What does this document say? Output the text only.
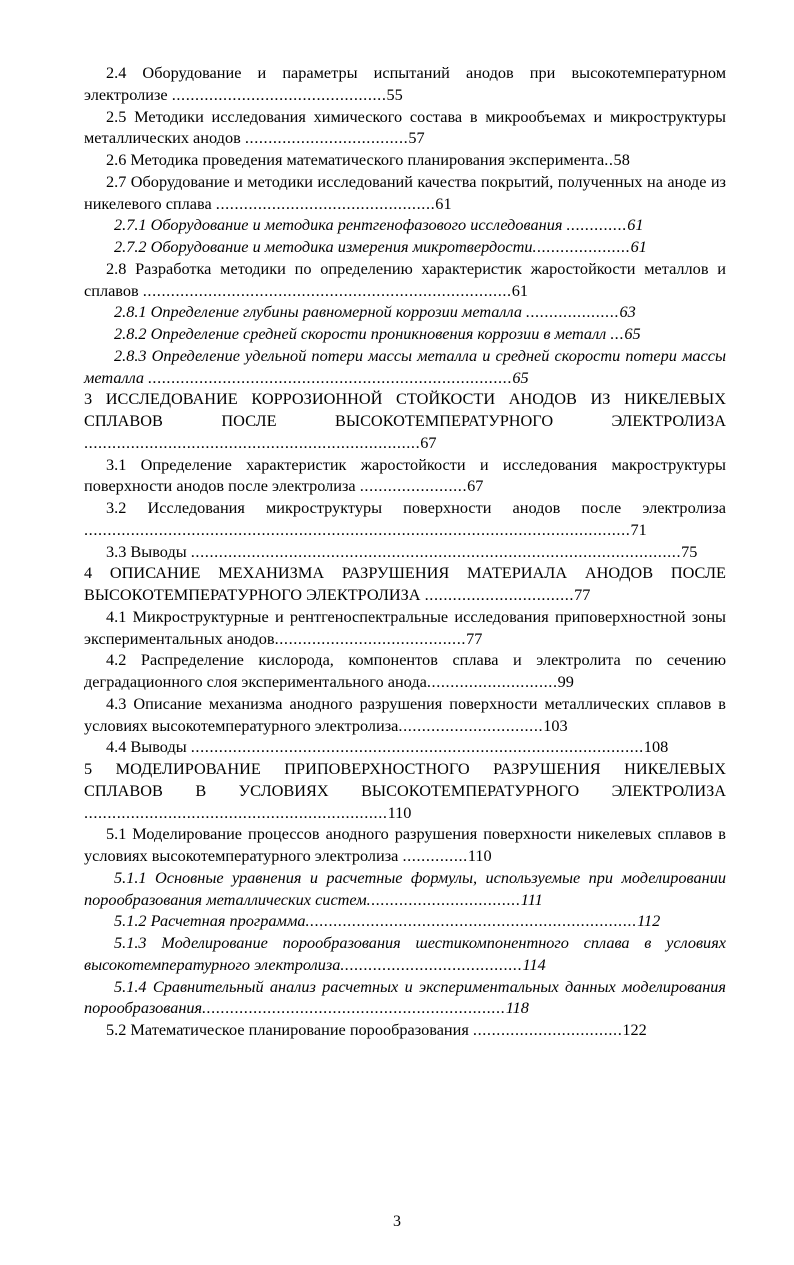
2.4 Оборудование и параметры испытаний анодов при высокотемпературном электролизе ..............................................55

2.5 Методики исследования химического состава в микрообъемах и микроструктуры металлических анодов ...................................57

2.6 Методика проведения математического планирования эксперимента..58

2.7 Оборудование и методики исследований качества покрытий, полученных на аноде из никелевого сплава ...............................................61

2.7.1 Оборудование и методика рентгенофазового исследования .............61

2.7.2 Оборудование и методика измерения микротвердости.....................61

2.8 Разработка методики по определению характеристик жаростойкости металлов и сплавов ...............................................................................61

2.8.1 Определение глубины равномерной коррозии металла ....................63

2.8.2 Определение средней скорости проникновения коррозии в металл ...65

2.8.3 Определение удельной потери массы металла и средней скорости потери массы металла ..............................................................................65

3 ИССЛЕДОВАНИЕ КОРРОЗИОННОЙ СТОЙКОСТИ АНОДОВ ИЗ НИКЕЛЕВЫХ СПЛАВОВ ПОСЛЕ ВЫСОКОТЕМПЕРАТУРНОГО ЭЛЕКТРОЛИЗА ........................................................................67

3.1 Определение характеристик жаростойкости и исследования макроструктуры поверхности анодов после электролиза .......................67

3.2 Исследования микроструктуры поверхности анодов после электролиза .....................................................................................................................71

3.3 Выводы .........................................................................................................75

4 ОПИСАНИЕ МЕХАНИЗМА РАЗРУШЕНИЯ МАТЕРИАЛА АНОДОВ ПОСЛЕ ВЫСОКОТЕМПЕРАТУРНОГО ЭЛЕКТРОЛИЗА ................................77

4.1 Микроструктурные и рентгеноспектральные исследования приповерхностной зоны экспериментальных анодов.........................................77

4.2 Распределение кислорода, компонентов сплава и электролита по сечению деградационного слоя экспериментального анода............................99

4.3 Описание механизма анодного разрушения поверхности металлических сплавов в условиях высокотемпературного электролиза...............................103

4.4 Выводы .................................................................................................108

5 МОДЕЛИРОВАНИЕ ПРИПОВЕРХНОСТНОГО РАЗРУШЕНИЯ НИКЕЛЕВЫХ СПЛАВОВ В УСЛОВИЯХ ВЫСОКОТЕМПЕРАТУРНОГО ЭЛЕКТРОЛИЗА .................................................................110

5.1 Моделирование процессов анодного разрушения поверхности никелевых сплавов в условиях высокотемпературного электролиза ..............110

5.1.1 Основные уравнения и расчетные формулы, используемые при моделировании порообразования металлических систем.................................111

5.1.2 Расчетная программа.......................................................................112

5.1.3 Моделирование порообразования шестикомпонентного сплава в условиях высокотемпературного электролиза.......................................114

5.1.4 Сравнительный анализ расчетных и экспериментальных данных моделирования порообразования.................................................................118

5.2 Математическое планирование порообразования ................................122

3
